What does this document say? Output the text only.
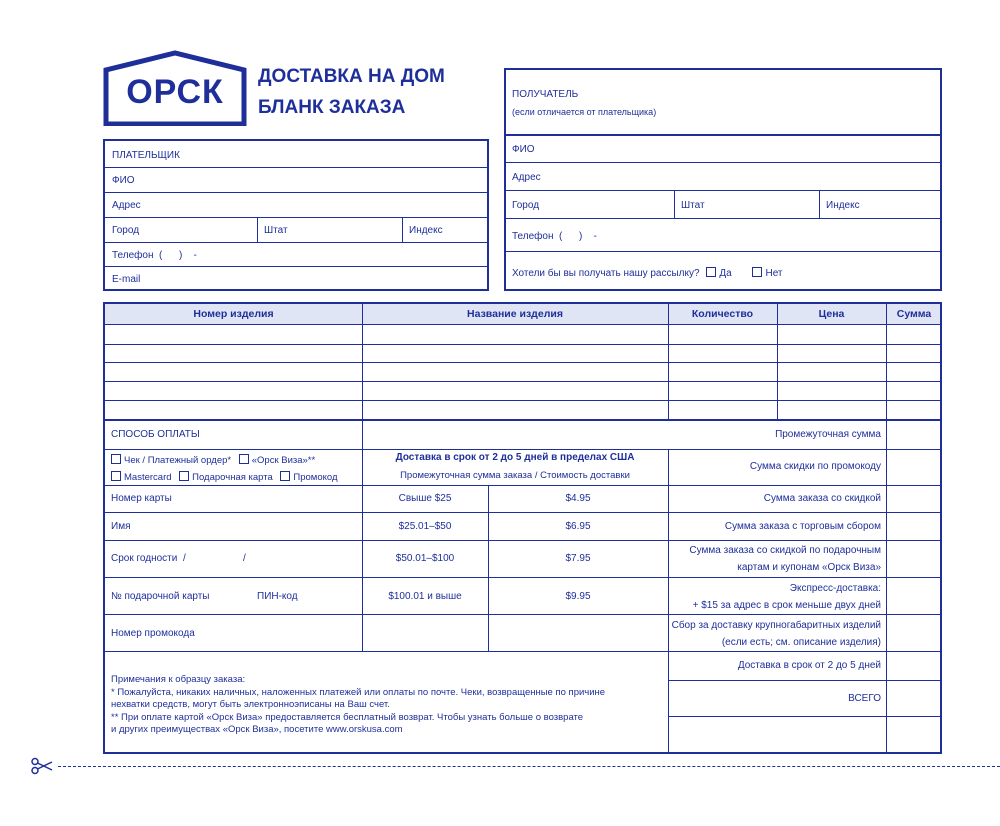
ОРСК	ДОСТАВКА НА ДОМ
БЛАНК ЗАКАЗА
ПЛАТЕЛЬЩИК
ФИО
Адрес
Город	Штат	Индекс
Телефон  (      )    -
E-mail
ПОЛУЧАТЕЛЬ
(если отличается от плательщика)
ФИО
Адрес
Город	Штат	Индекс
Телефон  (      )    -
Хотели бы вы получать нашу рассылку? Да	Нет
Номер изделия	Название изделия	Количество	Цена	Сумма
СПОСОБ ОПЛАТЫ
Чек / Платежный ордер* «Орск Виза»**
Mastercard Подарочная карта Промокод
Номер карты
Имя
Срок годности /	/
№ подарочной карты	ПИН-код
Номер промокода
Доставка в срок от 2 до 5 дней в пределах США
Промежуточная сумма заказа / Стоимость доставки
Свыше $25	$4.95
$25.01–$50	$6.95
$50.01–$100	$7.95
$100.01 и выше	$9.95
Промежуточная сумма
Сумма скидки по промокоду
Сумма заказа со скидкой
Сумма заказа с торговым сбором
Сумма заказа со скидкой по подарочным
картам и купонам «Орск Виза»
Экспресс-доставка:
+ $15 за адрес в срок меньше двух дней
Сбор за доставку крупногабаритных изделий
(если есть; см. описание изделия)
Доставка в срок от 2 до 5 дней
ВСЕГО
Примечания к образцу заказа:
* Пожалуйста, никаких наличных, наложенных платежей или оплаты по почте. Чеки, возвращенные по причине
нехватки средств, могут быть электронноэписаны на Ваш счет.
** При оплате картой «Орск Виза» предоставляется бесплатный возврат. Чтобы узнать больше о возврате
и других преимуществах «Орск Виза», посетите www.orskusa.com
